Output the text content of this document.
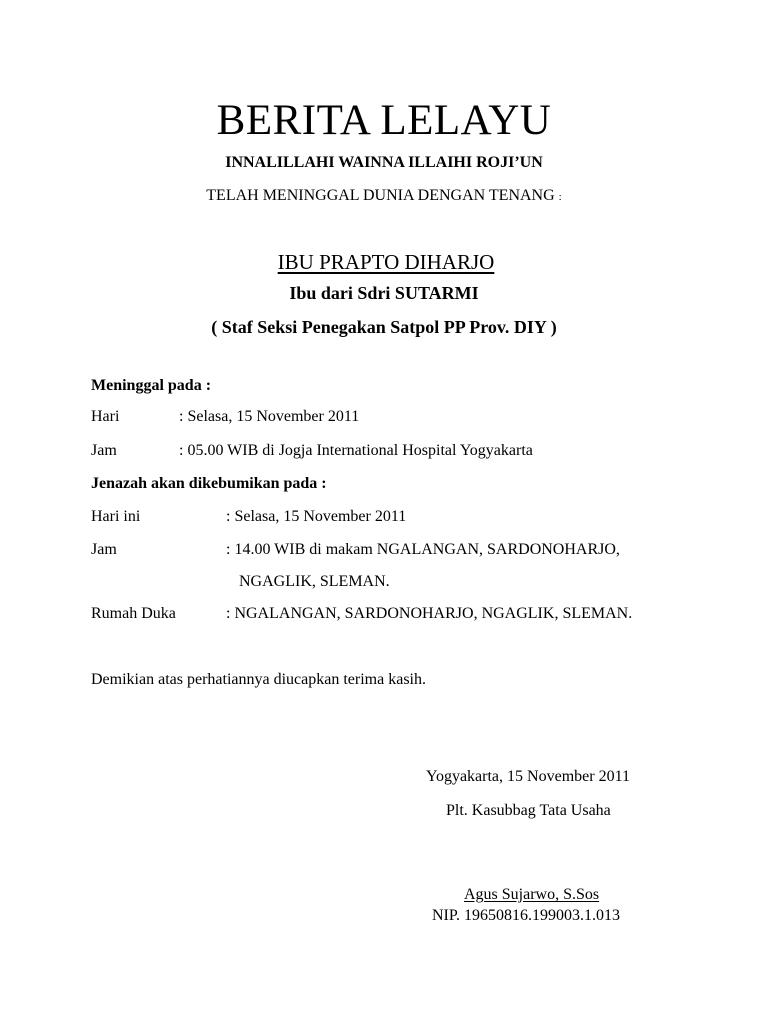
BERITA LELAYU
INNALILLAHI WAINNA ILLAIHI ROJI’UN
TELAH MENINGGAL DUNIA DENGAN TENANG :
IBU PRAPTO DIHARJO
Ibu dari Sdri SUTARMI
( Staf Seksi Penegakan Satpol PP Prov. DIY )
Meninggal pada :
Hari	: Selasa, 15 November 2011
Jam	: 05.00 WIB di Jogja International Hospital Yogyakarta
Jenazah akan dikebumikan pada :
Hari ini	: Selasa, 15 November 2011
Jam	: 14.00 WIB di makam NGALANGAN, SARDONOHARJO,
NGAGLIK, SLEMAN.
Rumah Duka	: NGALANGAN, SARDONOHARJO, NGAGLIK, SLEMAN.
Demikian atas perhatiannya diucapkan terima kasih.
Yogyakarta, 15 November 2011
Plt. Kasubbag Tata Usaha
Agus Sujarwo, S.Sos
NIP. 19650816.199003.1.013
